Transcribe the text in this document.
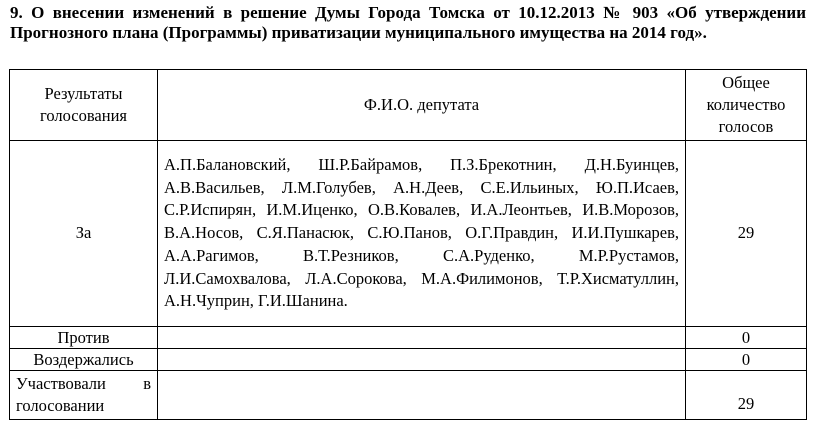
9. О внесении изменений в решение Думы Города Томска от 10.12.2013 № 903 «Об утверждении Прогнозного плана (Программы) приватизации муниципального имущества на 2014 год».
Результаты голосования	Ф.И.О. депутата	Общее количество голосов
За	А.П.Балановский, Ш.Р.Байрамов, П.З.Брекотнин, Д.Н.Буинцев, А.В.Васильев, Л.М.Голубев, А.Н.Деев, С.Е.Ильиных, Ю.П.Исаев, С.Р.Испирян, И.М.Иценко, О.В.Ковалев, И.А.Леонтьев, И.В.Морозов, В.А.Носов, С.Я.Панасюк, С.Ю.Панов, О.Г.Правдин, И.И.Пушкарев, А.А.Рагимов, В.Т.Резников, С.А.Руденко, М.Р.Рустамов, Л.И.Самохвалова, Л.А.Сорокова, М.А.Филимонов, Т.Р.Хисматуллин, А.Н.Чуприн, Г.И.Шанина.	29
Против		0
Воздержались		0
Участвовали в голосовании		29
